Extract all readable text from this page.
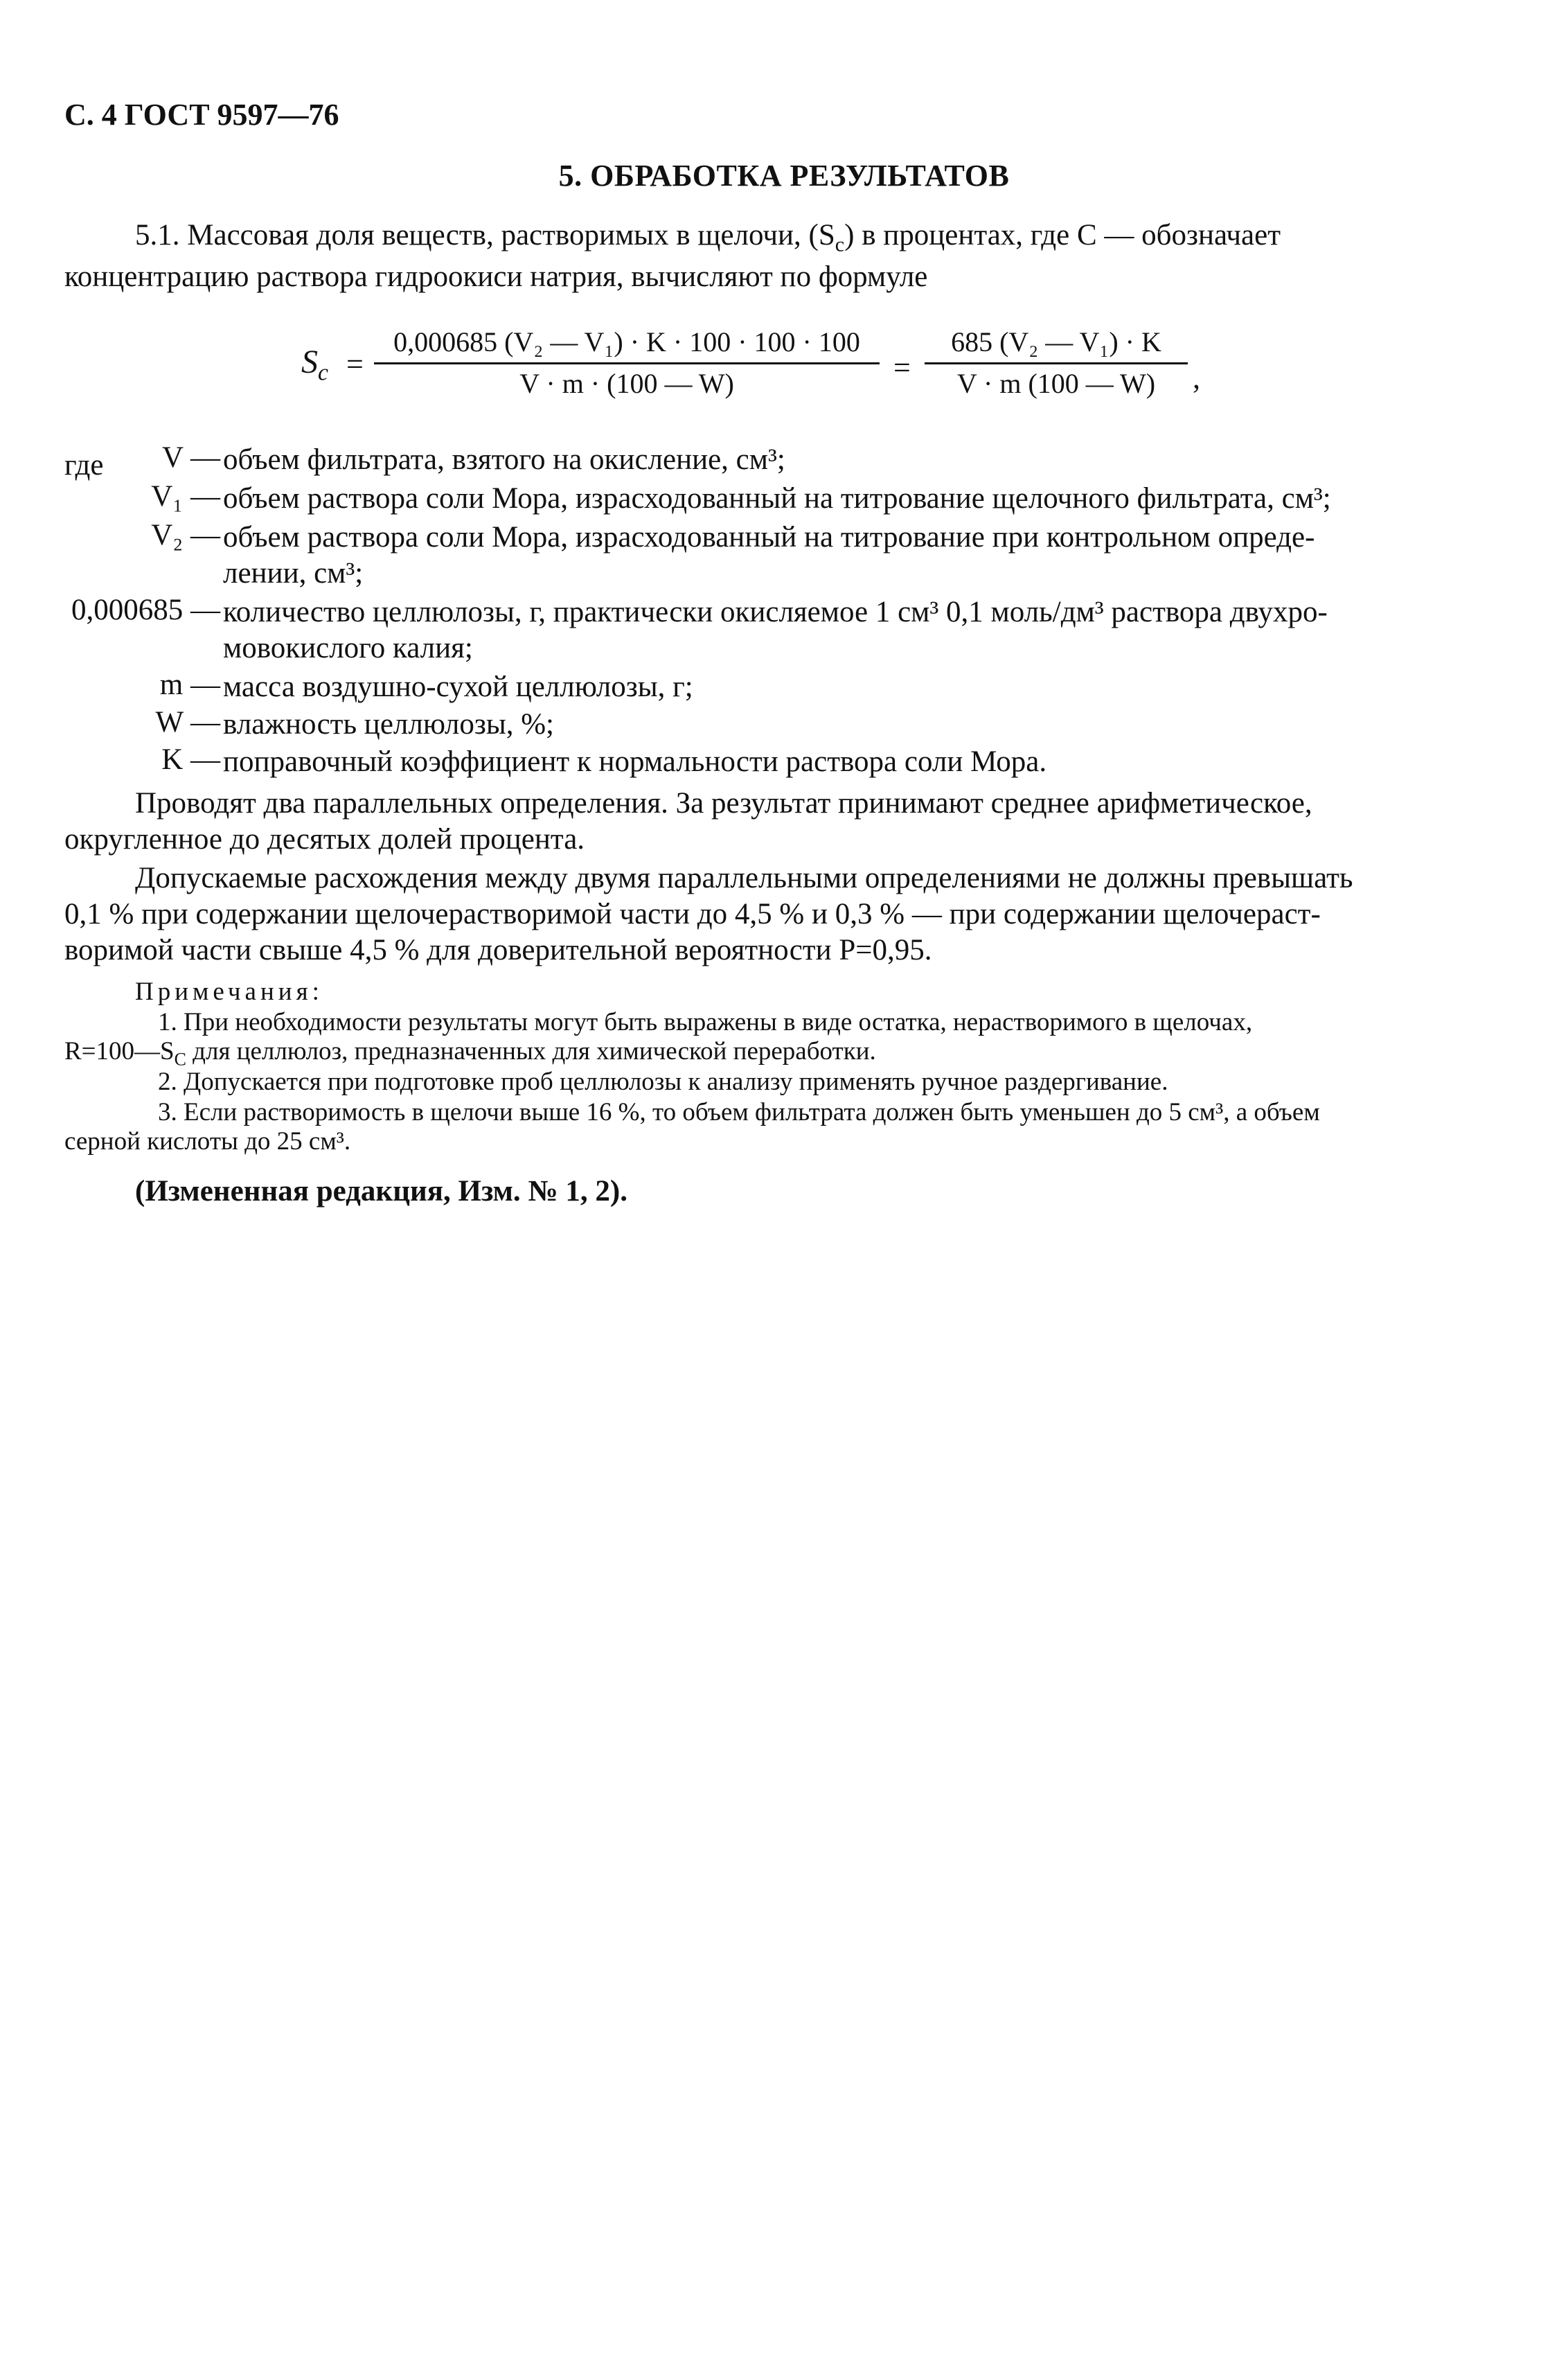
С. 4 ГОСТ 9597—76
5. ОБРАБОТКА РЕЗУЛЬТАТОВ
5.1. Массовая доля веществ, растворимых в щелочи, $(S_c)$ в процентах, где C — обозначает
концентрацию раствора гидроокиси натрия, вычисляют по формуле
$S_c$ =
0,000685 (V₂ — V₁) · K · 100 · 100 · 100
V · m · (100 — W)	=
685 (V₂ — V₁) · K
V · m (100 — W)	,
где	V — объем фильтрата, взятого на окисление, см³;
V₁ — объем раствора соли Мора, израсходованный на титрование щелочного фильтрата, см³;
V₂ — объем раствора соли Мора, израсходованный на титрование при контрольном опреде-
лении, см³;
0,000685 — количество целлюлозы, г, практически окисляемое 1 см³ 0,1 моль/дм³ раствора двухро-
мовокислого калия;
m — масса воздушно-сухой целлюлозы, г;
W — влажность целлюлозы, %;
K — поправочный коэффициент к нормальности раствора соли Мора.
Проводят два параллельных определения. За результат принимают среднее арифметическое,
округленное до десятых долей процента.
Допускаемые расхождения между двумя параллельными определениями не должны превышать
0,1 % при содержании щелочерастворимой части до 4,5 % и 0,3 % — при содержании щелочераст-
воримой части свыше 4,5 % для доверительной вероятности P=0,95.
Примечания:
1. При необходимости результаты могут быть выражены в виде остатка, нерастворимого в щелочах,
$R=100—S_C$ для целлюлоз, предназначенных для химической переработки.
2. Допускается при подготовке проб целлюлозы к анализу применять ручное раздергивание.
3. Если растворимость в щелочи выше 16 %, то объем фильтрата должен быть уменьшен до 5 см³, а объем
серной кислоты до 25 см³.
(Измененная редакция, Изм. № 1, 2).
